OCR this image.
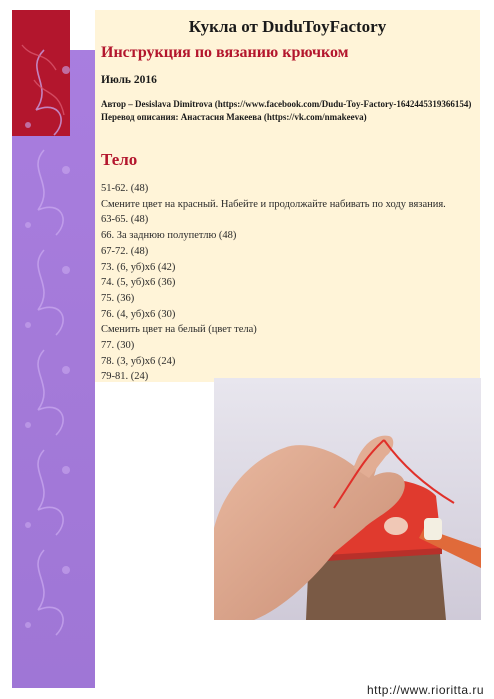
Кукла от DuduToyFactory
Инструкция по вязанию крючком
Июль 2016
Автор – Desislava Dimitrova (https://www.facebook.com/Dudu-Toy-Factory-1642445319366154)
Перевод описания: Анастасия Макеева (https://vk.com/nmakeeva)
Тело
51-62. (48)
Смените цвет на красный. Набейте и продолжайте набивать по ходу вязания.
63-65. (48)
66. За заднюю полупетлю (48)
67-72. (48)
73. (6, уб)х6 (42)
74. (5, уб)х6 (36)
75. (36)
76. (4, уб)х6 (30)
Сменить цвет на белый (цвет тела)
77. (30)
78. (3, уб)х6 (24)
79-81. (24)
http://www.rioritta.ru
